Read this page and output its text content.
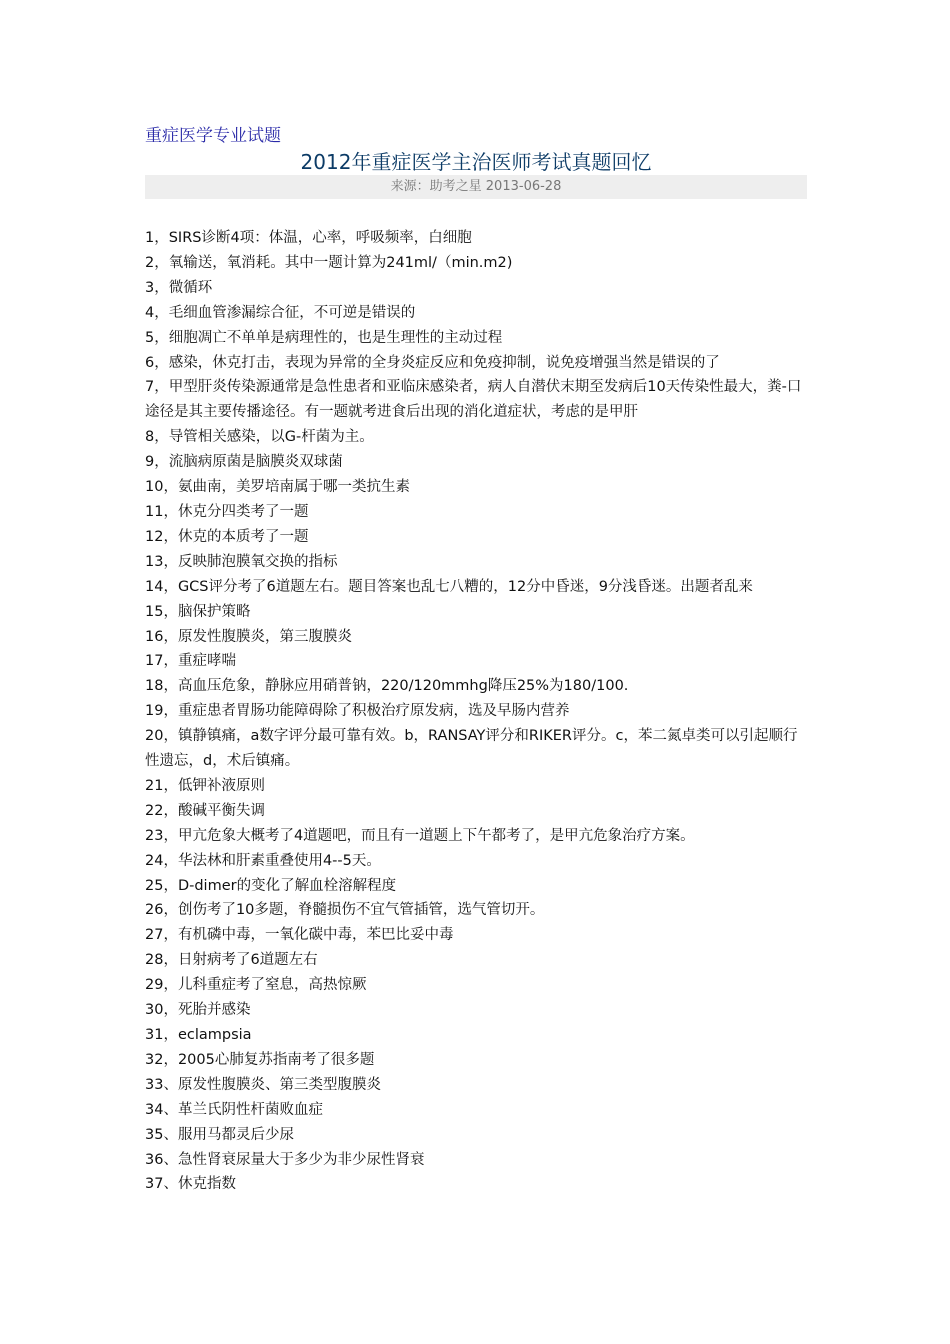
重症医学专业试题
2012年重症医学主治医师考试真题回忆
来源：助考之星 2013-06-28
1，SIRS诊断4项：体温，心率，呼吸频率，白细胞
2，氧输送，氧消耗。其中一题计算为241ml/（min.m2)
3，微循环
4，毛细血管渗漏综合征，不可逆是错误的
5，细胞凋亡不单单是病理性的，也是生理性的主动过程
6，感染，休克打击，表现为异常的全身炎症反应和免疫抑制，说免疫增强当然是错误的了
7，甲型肝炎传染源通常是急性患者和亚临床感染者，病人自潜伏末期至发病后10天传染性最大，粪-口途径是其主要传播途径。有一题就考进食后出现的消化道症状，考虑的是甲肝
8，导管相关感染，以G-杆菌为主。
9，流脑病原菌是脑膜炎双球菌
10，氨曲南，美罗培南属于哪一类抗生素
11，休克分四类考了一题
12，休克的本质考了一题
13，反映肺泡膜氧交换的指标
14，GCS评分考了6道题左右。题目答案也乱七八糟的，12分中昏迷，9分浅昏迷。出题者乱来
15，脑保护策略
16，原发性腹膜炎，第三腹膜炎
17，重症哮喘
18，高血压危象，静脉应用硝普钠，220/120mmhg降压25%为180/100.
19，重症患者胃肠功能障碍除了积极治疗原发病，选及早肠内营养
20，镇静镇痛，a数字评分最可靠有效。b，RANSAY评分和RIKER评分。c，苯二氮卓类可以引起顺行性遗忘，d，术后镇痛。
21，低钾补液原则
22，酸碱平衡失调
23，甲亢危象大概考了4道题吧，而且有一道题上下午都考了，是甲亢危象治疗方案。
24，华法林和肝素重叠使用4--5天。
25，D-dimer的变化了解血栓溶解程度
26，创伤考了10多题，脊髓损伤不宜气管插管，选气管切开。
27，有机磷中毒，一氧化碳中毒，苯巴比妥中毒
28，日射病考了6道题左右
29，儿科重症考了窒息，高热惊厥
30，死胎并感染
31，eclampsia
32，2005心肺复苏指南考了很多题
33、原发性腹膜炎、第三类型腹膜炎
34、革兰氏阴性杆菌败血症
35、服用马都灵后少尿
36、急性肾衰尿量大于多少为非少尿性肾衰
37、休克指数
